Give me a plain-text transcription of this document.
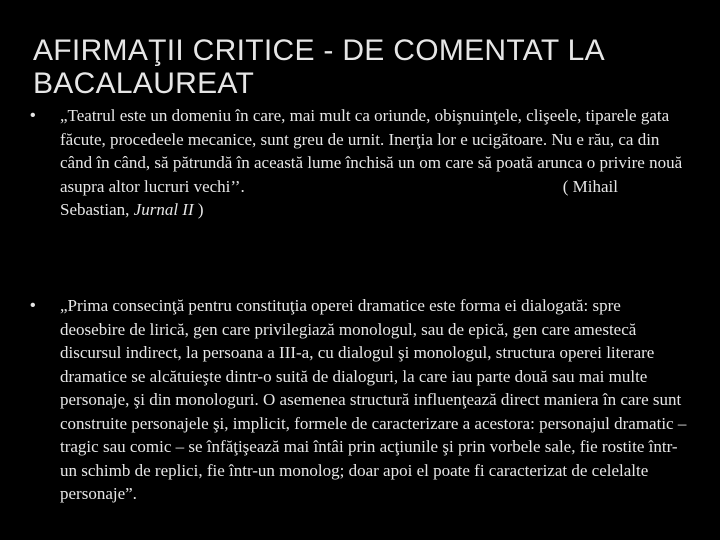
AFIRMAŢII CRITICE - DE COMENTAT LA BACALAUREAT
• „Teatrul este un domeniu în care, mai mult ca oriunde, obişnuinţele, clişeele, tiparele gata făcute, procedeele mecanice, sunt greu de urnit. Inerţia lor e ucigătoare. Nu e rău, ca din când în când, să pătrundă în această lume închisă un om care să poată arunca o privire nouă asupra altor lucruri vechi’’.	( Mihail Sebastian, Jurnal II )

• „Prima consecinţă pentru constituţia operei dramatice este forma ei dialogată: spre deosebire de lirică, gen care privilegiază monologul, sau de epică, gen care amestecă discursul indirect, la persoana a III-a, cu dialogul şi monologul, structura operei literare dramatice se alcătuieşte dintr-o suită de dialoguri, la care iau parte două sau mai multe personaje, şi din monologuri. O asemenea structură influenţează direct maniera în care sunt construite personajele şi, implicit, formele de caracterizare a acestora: personajul dramatic – tragic sau comic – se înfăţişează mai întâi prin acţiunile şi prin vorbele sale, fie rostite într-un schimb de replici, fie într-un monolog; doar apoi el poate fi caracterizat de celelalte personaje”.
